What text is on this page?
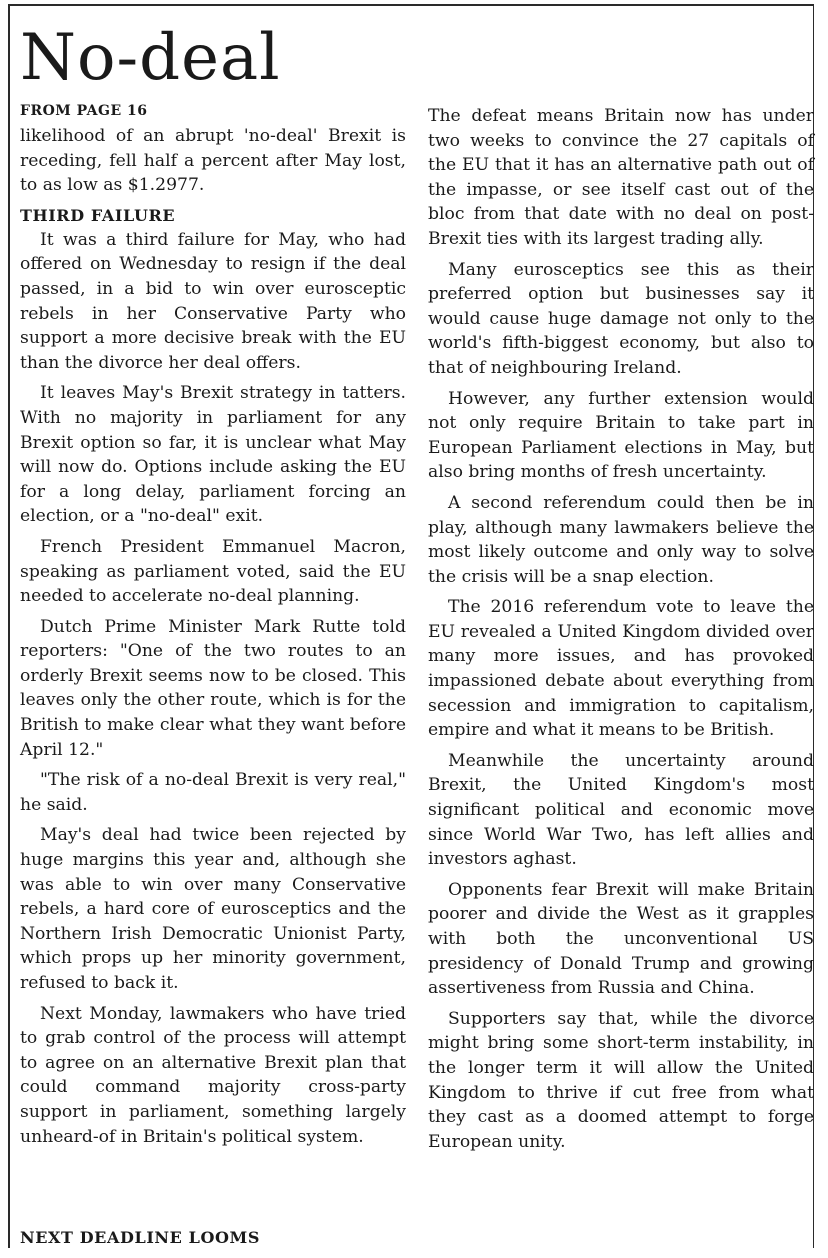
No-deal

FROM PAGE 16

likelihood of an abrupt 'no-deal' Brexit is receding, fell half a percent after May lost, to as low as $1.2977.

THIRD FAILURE

It was a third failure for May, who had offered on Wednesday to resign if the deal passed, in a bid to win over eurosceptic rebels in her Conservative Party who support a more decisive break with the EU than the divorce her deal offers.

It leaves May's Brexit strategy in tatters. With no majority in parliament for any Brexit option so far, it is unclear what May will now do. Options include asking the EU for a long delay, parliament forcing an election, or a "no-deal" exit.

French President Emmanuel Macron, speaking as parliament voted, said the EU needed to accelerate no-deal planning.

Dutch Prime Minister Mark Rutte told reporters: "One of the two routes to an orderly Brexit seems now to be closed. This leaves only the other route, which is for the British to make clear what they want before April 12."

"The risk of a no-deal Brexit is very real," he said.

May's deal had twice been rejected by huge margins this year and, although she was able to win over many Conservative rebels, a hard core of eurosceptics and the Northern Irish Democratic Unionist Party, which props up her minority government, refused to back it.

Next Monday, lawmakers who have tried to grab control of the process will attempt to agree on an alternative Brexit plan that could command majority cross-party support in parliament, something largely unheard-of in Britain's political system.

NEXT DEADLINE LOOMS

The defeat means Britain now has under two weeks to convince the 27 capitals of the EU that it has an alternative path out of the impasse, or see itself cast out of the bloc from that date with no deal on post-Brexit ties with its largest trading ally.

Many eurosceptics see this as their preferred option but businesses say it would cause huge damage not only to the world's fifth-biggest economy, but also to that of neighbouring Ireland.

However, any further extension would not only require Britain to take part in European Parliament elections in May, but also bring months of fresh uncertainty.

A second referendum could then be in play, although many lawmakers believe the most likely outcome and only way to solve the crisis will be a snap election.

The 2016 referendum vote to leave the EU revealed a United Kingdom divided over many more issues, and has provoked impassioned debate about everything from secession and immigration to capitalism, empire and what it means to be British.

Meanwhile the uncertainty around Brexit, the United Kingdom's most significant political and economic move since World War Two, has left allies and investors aghast.

Opponents fear Brexit will make Britain poorer and divide the West as it grapples with both the unconventional US presidency of Donald Trump and growing assertiveness from Russia and China.

Supporters say that, while the divorce might bring some short-term instability, in the longer term it will allow the United Kingdom to thrive if cut free from what they cast as a doomed attempt to forge European unity.
